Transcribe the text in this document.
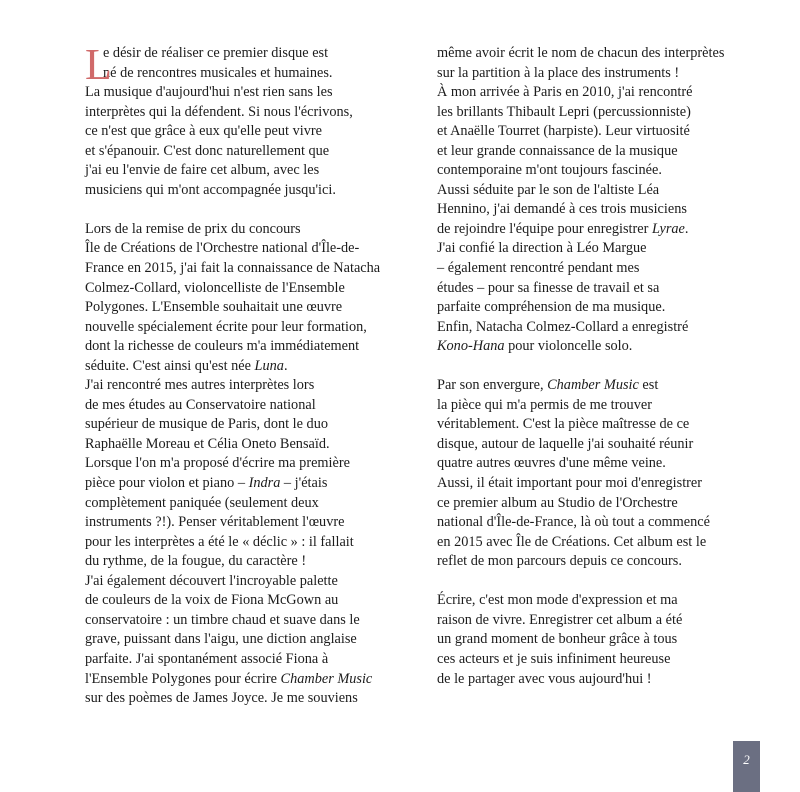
L
e désir de réaliser ce premier disque est
né de rencontres musicales et humaines.
La musique d'aujourd'hui n'est rien sans les
interprètes qui la défendent. Si nous l'écrivons,
ce n'est que grâce à eux qu'elle peut vivre
et s'épanouir. C'est donc naturellement que
j'ai eu l'envie de faire cet album, avec les
musiciens qui m'ont accompagnée jusqu'ici.
Lors de la remise de prix du concours
Île de Créations de l'Orchestre national d'Île-de-
France en 2015, j'ai fait la connaissance de Natacha
Colmez-Collard, violoncelliste de l'Ensemble
Polygones. L'Ensemble souhaitait une œuvre
nouvelle spécialement écrite pour leur formation,
dont la richesse de couleurs m'a immédiatement
séduite. C'est ainsi qu'est née Luna.
J'ai rencontré mes autres interprètes lors
de mes études au Conservatoire national
supérieur de musique de Paris, dont le duo
Raphaëlle Moreau et Célia Oneto Bensaïd.
Lorsque l'on m'a proposé d'écrire ma première
pièce pour violon et piano – Indra – j'étais
complètement paniquée (seulement deux
instruments ?!). Penser véritablement l'œuvre
pour les interprètes a été le « déclic » : il fallait
du rythme, de la fougue, du caractère !
J'ai également découvert l'incroyable palette
de couleurs de la voix de Fiona McGown au
conservatoire : un timbre chaud et suave dans le
grave, puissant dans l'aigu, une diction anglaise
parfaite. J'ai spontanément associé Fiona à
l'Ensemble Polygones pour écrire Chamber Music
sur des poèmes de James Joyce. Je me souviens
même avoir écrit le nom de chacun des interprètes
sur la partition à la place des instruments !
À mon arrivée à Paris en 2010, j'ai rencontré
les brillants Thibault Lepri (percussionniste)
et Anaëlle Tourret (harpiste). Leur virtuosité
et leur grande connaissance de la musique
contemporaine m'ont toujours fascinée.
Aussi séduite par le son de l'altiste Léa
Hennino, j'ai demandé à ces trois musiciens
de rejoindre l'équipe pour enregistrer Lyrae.
J'ai confié la direction à Léo Margue
– également rencontré pendant mes
études – pour sa finesse de travail et sa
parfaite compréhension de ma musique.
Enfin, Natacha Colmez-Collard a enregistré
Kono-Hana pour violoncelle solo.
Par son envergure, Chamber Music est
la pièce qui m'a permis de me trouver
véritablement. C'est la pièce maîtresse de ce
disque, autour de laquelle j'ai souhaité réunir
quatre autres œuvres d'une même veine.
Aussi, il était important pour moi d'enregistrer
ce premier album au Studio de l'Orchestre
national d'Île-de-France, là où tout a commencé
en 2015 avec Île de Créations. Cet album est le
reflet de mon parcours depuis ce concours.
Écrire, c'est mon mode d'expression et ma
raison de vivre. Enregistrer cet album a été
un grand moment de bonheur grâce à tous
ces acteurs et je suis infiniment heureuse
de le partager avec vous aujourd'hui !
2
